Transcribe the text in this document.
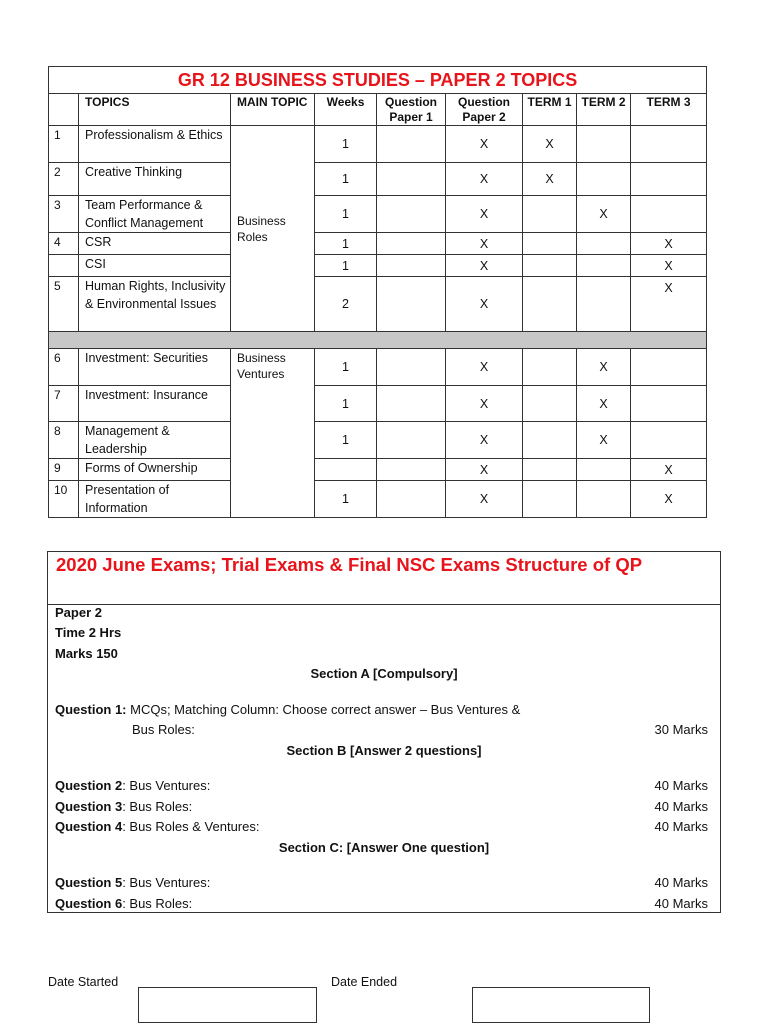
GR 12 BUSINESS STUDIES – PAPER 2 TOPICS								
	TOPICS	MAIN TOPIC	Weeks	Question Paper 1	Question Paper 2	TERM 1	TERM 2	TERM 3
1	Professionalism & Ethics	Business Roles	1		X	X		
2	Creative Thinking		1		X	X		
3	Team Performance & Conflict Management		1		X		X	
4	CSR		1		X			X
	CSI		1		X			X
5	Human Rights, Inclusivity & Environmental Issues		2		X			X

6	Investment: Securities	Business Ventures	1		X		X	
7	Investment: Insurance		1		X		X	
8	Management & Leadership		1		X		X	
9	Forms of Ownership				X			X
10	Presentation of Information		1		X			X
2020 June Exams; Trial Exams & Final NSC Exams Structure of QP
Paper 2
Time 2 Hrs
Marks 150
Section A [Compulsory]
Question 1: MCQs; Matching Column: Choose correct answer – Bus Ventures &
Bus Roles:	30 Marks
Section B [Answer 2 questions]
Question 2: Bus Ventures:	40 Marks
Question 3: Bus Roles:	40 Marks
Question 4: Bus Roles & Ventures:	40 Marks
Section C: [Answer One question]
Question 5: Bus Ventures:	40 Marks
Question 6: Bus Roles:	40 Marks
Date Started	Date Ended
